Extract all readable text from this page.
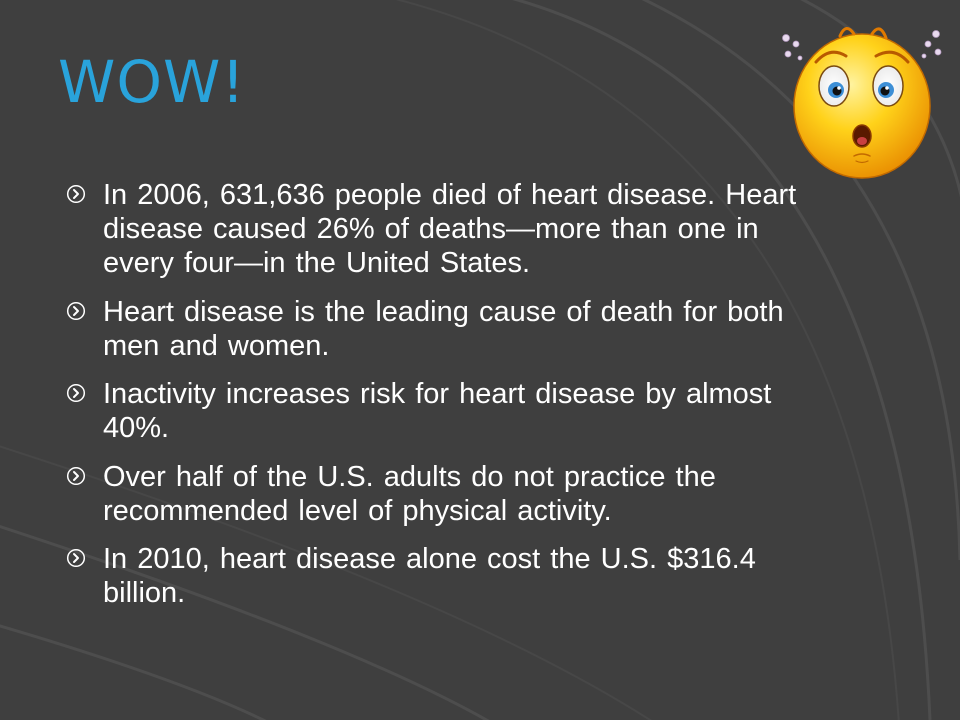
WOW!
In 2006, 631,636 people died of heart disease. Heart disease caused 26% of deaths—more than one in every four—in the United States.
Heart disease is the leading cause of death for both men and women.
Inactivity increases risk for heart disease by almost 40%.
Over half of the U.S. adults do not practice the recommended level of physical activity.
In 2010, heart disease alone cost the U.S. $316.4 billion.
